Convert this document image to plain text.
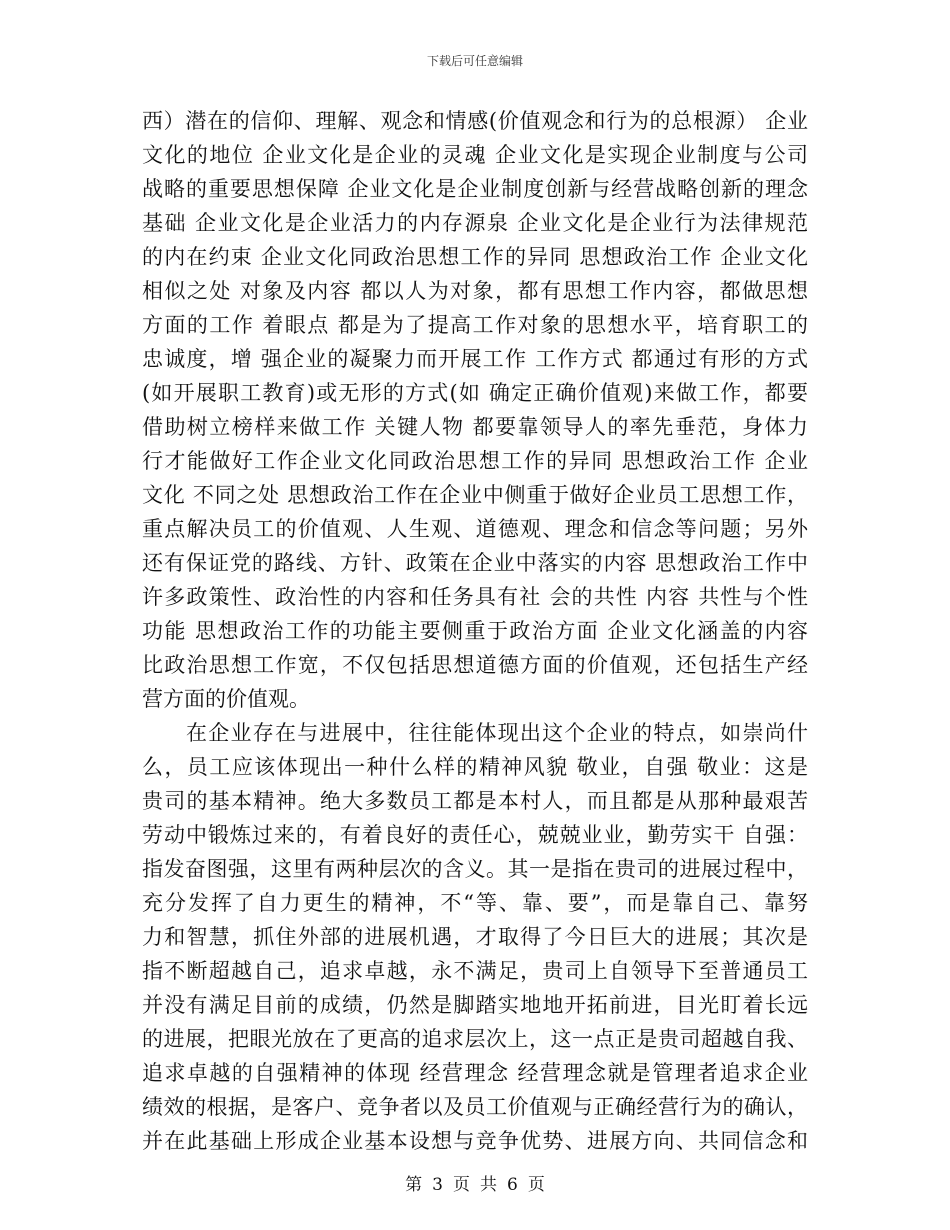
下载后可任意编辑
西）潜在的信仰、理解、观念和情感(价值观念和行为的总根源） 企业
文化的地位 企业文化是企业的灵魂 企业文化是实现企业制度与公司
战略的重要思想保障 企业文化是企业制度创新与经营战略创新的理念
基础 企业文化是企业活力的内存源泉 企业文化是企业行为法律规范
的内在约束 企业文化同政治思想工作的异同 思想政治工作 企业文化
相似之处 对象及内容 都以人为对象，都有思想工作内容，都做思想
方面的工作 着眼点 都是为了提高工作对象的思想水平，培育职工的
忠诚度，增 强企业的凝聚力而开展工作 工作方式 都通过有形的方式
(如开展职工教育)或无形的方式(如 确定正确价值观)来做工作，都要
借助树立榜样来做工作 关键人物 都要靠领导人的率先垂范，身体力
行才能做好工作企业文化同政治思想工作的异同 思想政治工作 企业
文化 不同之处 思想政治工作在企业中侧重于做好企业员工思想工作，
重点解决员工的价值观、人生观、道德观、理念和信念等问题；另外
还有保证党的路线、方针、政策在企业中落实的内容 思想政治工作中
许多政策性、政治性的内容和任务具有社 会的共性 内容 共性与个性
功能 思想政治工作的功能主要侧重于政治方面 企业文化涵盖的内容
比政治思想工作宽，不仅包括思想道德方面的价值观，还包括生产经
营方面的价值观。
在企业存在与进展中，往往能体现出这个企业的特点，如崇尚什
么，员工应该体现出一种什么样的精神风貌 敬业，自强 敬业：这是
贵司的基本精神。绝大多数员工都是本村人，而且都是从那种最艰苦
劳动中锻炼过来的，有着良好的责任心，兢兢业业，勤劳实干 自强：
指发奋图强，这里有两种层次的含义。其一是指在贵司的进展过程中，
充分发挥了自力更生的精神，不“等、靠、要”，而是靠自己、靠努
力和智慧，抓住外部的进展机遇，才取得了今日巨大的进展；其次是
指不断超越自己，追求卓越，永不满足，贵司上自领导下至普通员工
并没有满足目前的成绩，仍然是脚踏实地地开拓前进，目光盯着长远
的进展，把眼光放在了更高的追求层次上，这一点正是贵司超越自我、
追求卓越的自强精神的体现 经营理念 经营理念就是管理者追求企业
绩效的根据，是客户、竞争者以及员工价值观与正确经营行为的确认，
并在此基础上形成企业基本设想与竞争优势、进展方向、共同信念和
第 3 页 共 6 页
